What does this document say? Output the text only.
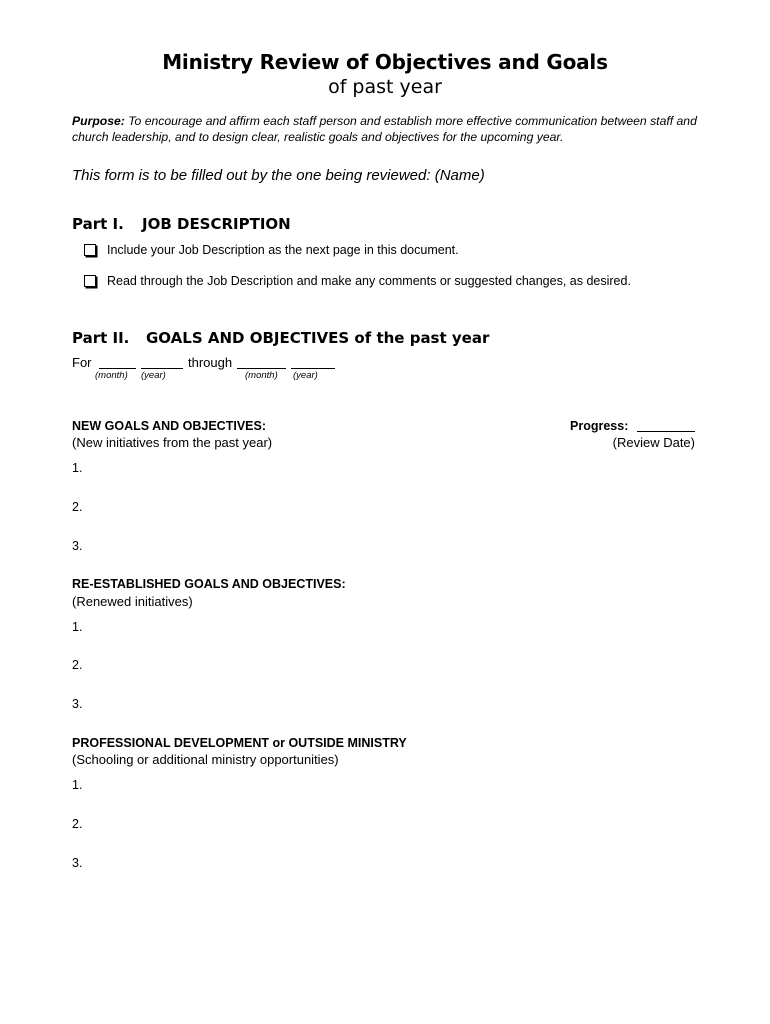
Ministry Review of Objectives and Goals
of past year
Purpose: To encourage and affirm each staff person and establish more effective communication between staff and church leadership, and to design clear, realistic goals and objectives for the upcoming year.
This form is to be filled out by the one being reviewed: (Name)
Part I. JOB DESCRIPTION
Include your Job Description as the next page in this document.
Read through the Job Description and make any comments or suggested changes, as desired.
Part II. GOALS AND OBJECTIVES of the past year
For	through
(month) (year)	(month) (year)
Progress:
(Review Date)
NEW GOALS AND OBJECTIVES:
(New initiatives from the past year)
1.
2.
3.
RE-ESTABLISHED GOALS AND OBJECTIVES:
(Renewed initiatives)
1.
2.
3.
PROFESSIONAL DEVELOPMENT or OUTSIDE MINISTRY
(Schooling or additional ministry opportunities)
1.
2.
3.
